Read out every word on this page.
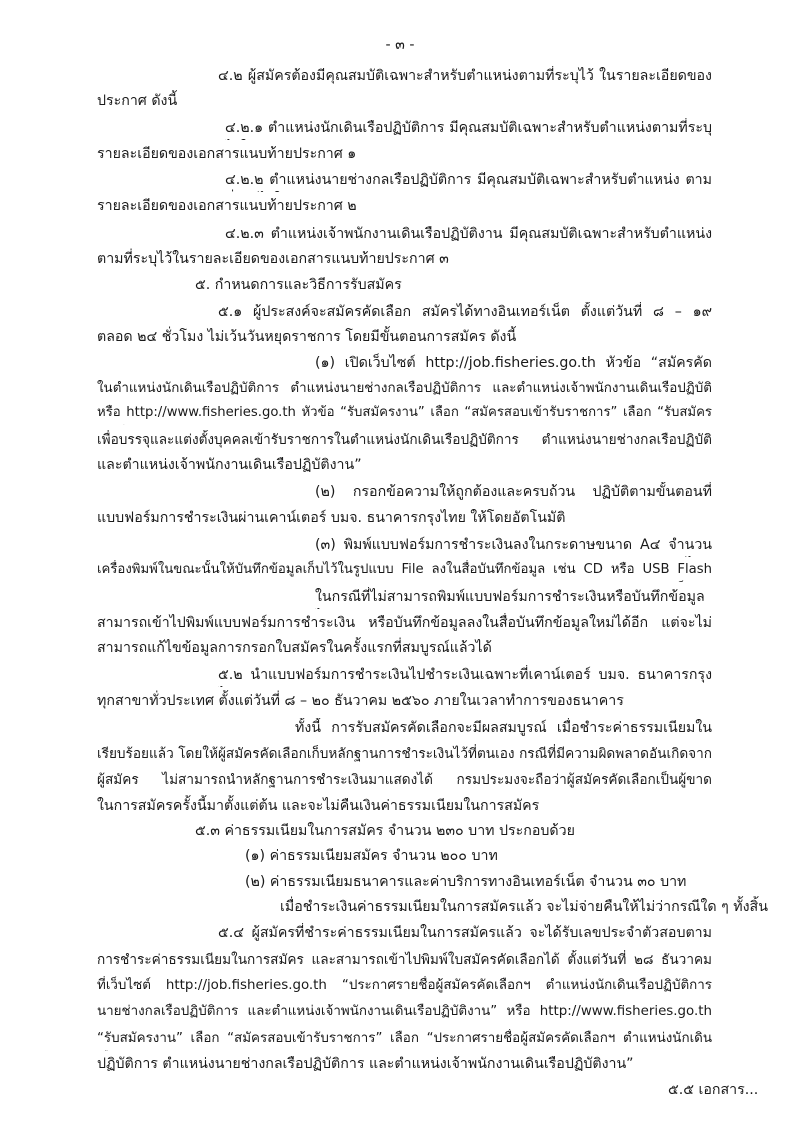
- ๓ -
๔.๒ ผู้สมัครต้องมีคุณสมบัติเฉพาะสำหรับตำแหน่งตามที่ระบุไว้ ในรายละเอียดของ
ประกาศ ดังนี้
๔.๒.๑ ตำแหน่งนักเดินเรือปฏิบัติการ มีคุณสมบัติเฉพาะสำหรับตำแหน่งตามที่ระบุ
รายละเอียดของเอกสารแนบท้ายประกาศ ๑
๔.๒.๒ ตำแหน่งนายช่างกลเรือปฏิบัติการ มีคุณสมบัติเฉพาะสำหรับตำแหน่ง ตาม
รายละเอียดของเอกสารแนบท้ายประกาศ ๒
๔.๒.๓ ตำแหน่งเจ้าพนักงานเดินเรือปฏิบัติงาน มีคุณสมบัติเฉพาะสำหรับตำแหน่ง
ตามที่ระบุไว้ในรายละเอียดของเอกสารแนบท้ายประกาศ ๓
๕. กำหนดการและวิธีการรับสมัคร
๕.๑ ผู้ประสงค์จะสมัครคัดเลือก สมัครได้ทางอินเทอร์เน็ต ตั้งแต่วันที่ ๘ – ๑๙
ตลอด ๒๔ ชั่วโมง ไม่เว้นวันหยุดราชการ โดยมีขั้นตอนการสมัคร ดังนี้
(๑) เปิดเว็บไซต์ http://job.fisheries.go.th หัวข้อ “สมัครคัด
ในตำแหน่งนักเดินเรือปฏิบัติการ ตำแหน่งนายช่างกลเรือปฏิบัติการ และตำแหน่งเจ้าพนักงานเดินเรือปฏิบัติ
หรือ http://www.fisheries.go.th หัวข้อ “รับสมัครงาน” เลือก “สมัครสอบเข้ารับราชการ” เลือก “รับสมัคร
เพื่อบรรจุและแต่งตั้งบุคคลเข้ารับราชการในตำแหน่งนักเดินเรือปฏิบัติการ ตำแหน่งนายช่างกลเรือปฏิบัติ
และตำแหน่งเจ้าพนักงานเดินเรือปฏิบัติงาน”
(๒) กรอกข้อความให้ถูกต้องและครบถ้วน ปฏิบัติตามขั้นตอนที่
แบบฟอร์มการชำระเงินผ่านเคาน์เตอร์ บมจ. ธนาคารกรุงไทย ให้โดยอัตโนมัติ
(๓) พิมพ์แบบฟอร์มการชำระเงินลงในกระดาษขนาด A๔ จำนวน
เครื่องพิมพ์ในขณะนั้นให้บันทึกข้อมูลเก็บไว้ในรูปแบบ File ลงในสื่อบันทึกข้อมูล เช่น CD หรือ USB Flash
ในกรณีที่ไม่สามารถพิมพ์แบบฟอร์มการชำระเงินหรือบันทึกข้อมูล
สามารถเข้าไปพิมพ์แบบฟอร์มการชำระเงิน หรือบันทึกข้อมูลลงในสื่อบันทึกข้อมูลใหม่ได้อีก แต่จะไม่
สามารถแก้ไขข้อมูลการกรอกใบสมัครในครั้งแรกที่สมบูรณ์แล้วได้
๕.๒ นำแบบฟอร์มการชำระเงินไปชำระเงินเฉพาะที่เคาน์เตอร์ บมจ. ธนาคารกรุง
ทุกสาขาทั่วประเทศ ตั้งแต่วันที่ ๘ – ๒๐ ธันวาคม ๒๕๖๐ ภายในเวลาทำการของธนาคาร
ทั้งนี้ การรับสมัครคัดเลือกจะมีผลสมบูรณ์ เมื่อชำระค่าธรรมเนียมใน
เรียบร้อยแล้ว โดยให้ผู้สมัครคัดเลือกเก็บหลักฐานการชำระเงินไว้ที่ตนเอง กรณีที่มีความผิดพลาดอันเกิดจาก
ผู้สมัคร ไม่สามารถนำหลักฐานการชำระเงินมาแสดงได้ กรมประมงจะถือว่าผู้สมัครคัดเลือกเป็นผู้ขาด
ในการสมัครครั้งนี้มาตั้งแต่ต้น และจะไม่คืนเงินค่าธรรมเนียมในการสมัคร
๕.๓ ค่าธรรมเนียมในการสมัคร จำนวน ๒๓๐ บาท ประกอบด้วย
(๑) ค่าธรรมเนียมสมัคร จำนวน ๒๐๐ บาท
(๒) ค่าธรรมเนียมธนาคารและค่าบริการทางอินเทอร์เน็ต จำนวน ๓๐ บาท
เมื่อชำระเงินค่าธรรมเนียมในการสมัครแล้ว จะไม่จ่ายคืนให้ไม่ว่ากรณีใด ๆ ทั้งสิ้น
๕.๔ ผู้สมัครที่ชำระค่าธรรมเนียมในการสมัครแล้ว จะได้รับเลขประจำตัวสอบตาม
การชำระค่าธรรมเนียมในการสมัคร และสามารถเข้าไปพิมพ์ใบสมัครคัดเลือกได้ ตั้งแต่วันที่ ๒๘ ธันวาคม
ที่เว็บไซต์ http://job.fisheries.go.th “ประกาศรายชื่อผู้สมัครคัดเลือกฯ ตำแหน่งนักเดินเรือปฏิบัติการ
นายช่างกลเรือปฏิบัติการ และตำแหน่งเจ้าพนักงานเดินเรือปฏิบัติงาน” หรือ http://www.fisheries.go.th
“รับสมัครงาน” เลือก “สมัครสอบเข้ารับราชการ” เลือก “ประกาศรายชื่อผู้สมัครคัดเลือกฯ ตำแหน่งนักเดิน
ปฏิบัติการ ตำแหน่งนายช่างกลเรือปฏิบัติการ และตำแหน่งเจ้าพนักงานเดินเรือปฏิบัติงาน”
๕.๕ เอกสาร...
